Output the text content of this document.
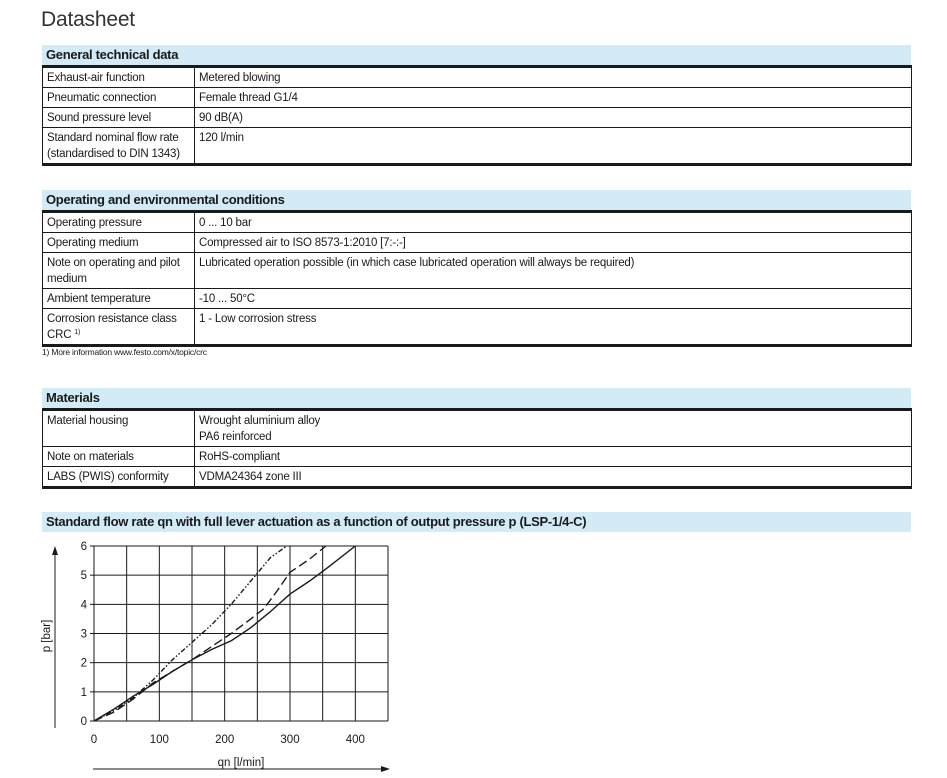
Datasheet
General technical data
Exhaust-air function	Metered blowing
Pneumatic connection	Female thread G1/4
Sound pressure level	90 dB(A)
Standard nominal flow rate
(standardised to DIN 1343)	120 l/min
Operating and environmental conditions
Operating pressure	0 ... 10 bar
Operating medium	Compressed air to ISO 8573-1:2010 [7:-:-]
Note on operating and pilot
medium	Lubricated operation possible (in which case lubricated operation will always be required)
Ambient temperature	-10 ... 50°C
Corrosion resistance class
CRC $^{1)}$	1 - Low corrosion stress
1) More information www.festo.com/x/topic/crc
Materials
Material housing	Wrought aluminium alloy
PA6 reinforced
Note on materials	RoHS-compliant
LABS (PWIS) conformity	VDMA24364 zone III
Standard flow rate qn with full lever actuation as a function of output pressure p (LSP-1/4-C)
0
1
2
3
4
5
6
0	100	200	300	400
p [bar]
qn [l/min]
